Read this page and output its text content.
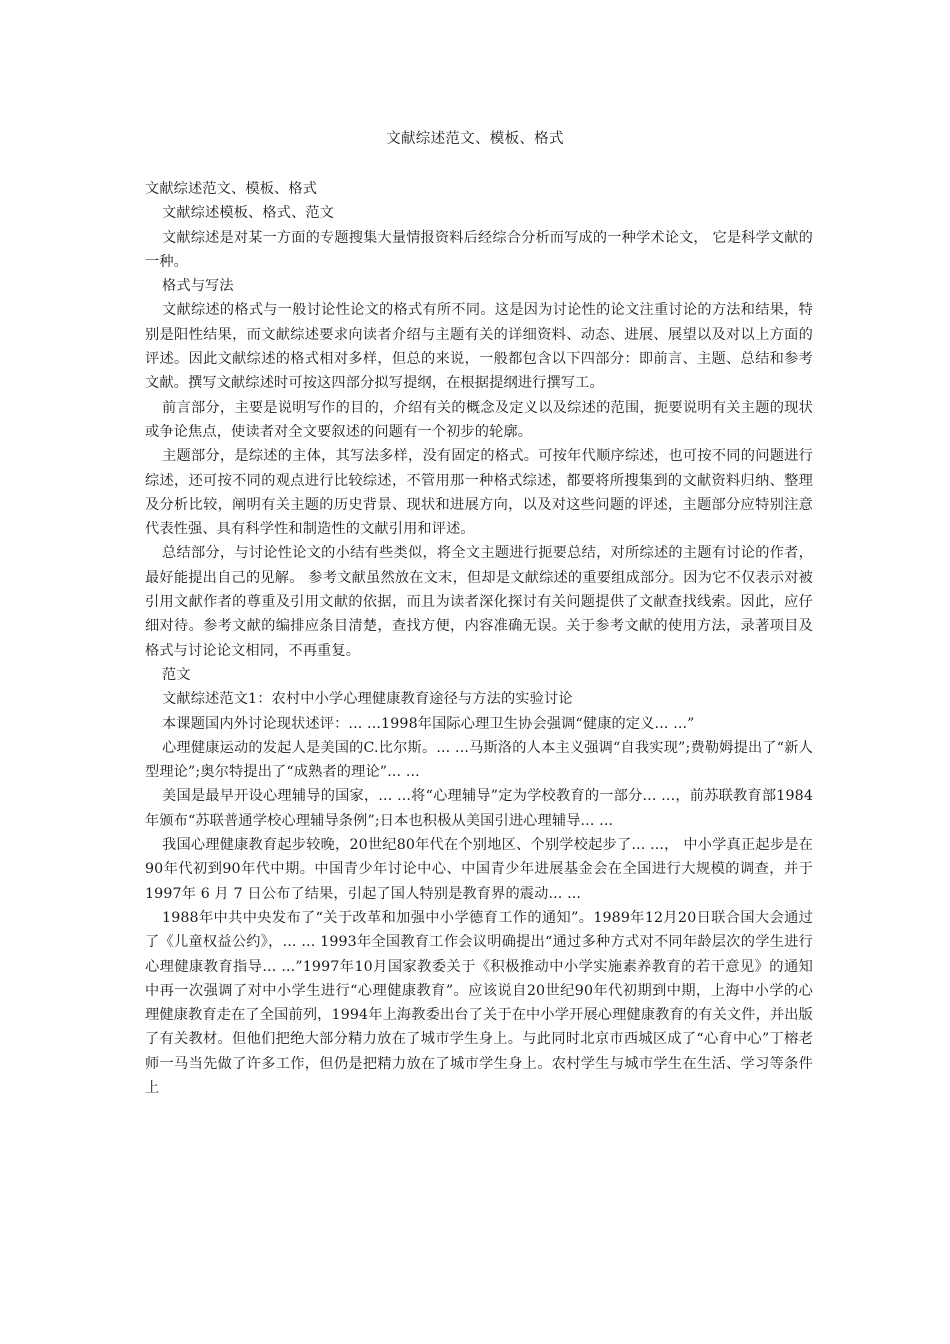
文献综述范文、模板、格式

文献综述范文、模板、格式

文献综述模板、格式、范文

文献综述是对某一方面的专题搜集大量情报资料后经综合分析而写成的一种学术论文， 它是科学文献的一种。

格式与写法

文献综述的格式与一般讨论性论文的格式有所不同。这是因为讨论性的论文注重讨论的方法和结果，特别是阳性结果，而文献综述要求向读者介绍与主题有关的详细资料、动态、进展、展望以及对以上方面的评述。因此文献综述的格式相对多样，但总的来说，一般都包含以下四部分：即前言、主题、总结和参考文献。撰写文献综述时可按这四部分拟写提纲，在根据提纲进行撰写工。

前言部分，主要是说明写作的目的，介绍有关的概念及定义以及综述的范围，扼要说明有关主题的现状或争论焦点，使读者对全文要叙述的问题有一个初步的轮廓。

主题部分，是综述的主体，其写法多样，没有固定的格式。可按年代顺序综述，也可按不同的问题进行综述，还可按不同的观点进行比较综述，不管用那一种格式综述，都要将所搜集到的文献资料归纳、整理及分析比较，阐明有关主题的历史背景、现状和进展方向，以及对这些问题的评述，主题部分应特别注意代表性强、具有科学性和制造性的文献引用和评述。

总结部分，与讨论性论文的小结有些类似，将全文主题进行扼要总结，对所综述的主题有讨论的作者，最好能提出自己的见解。 参考文献虽然放在文末，但却是文献综述的重要组成部分。因为它不仅表示对被引用文献作者的尊重及引用文献的依据，而且为读者深化探讨有关问题提供了文献查找线索。因此，应仔细对待。参考文献的编排应条目清楚，查找方便，内容准确无误。关于参考文献的使用方法，录著项目及格式与讨论论文相同，不再重复。

范文

文献综述范文1：农村中小学心理健康教育途径与方法的实验讨论

本课题国内外讨论现状述评：... ...1998年国际心理卫生协会强调“健康的定义... ...”

心理健康运动的发起人是美国的C.比尔斯。... ...马斯洛的人本主义强调“自我实现”;费勒姆提出了“新人型理论”;奥尔特提出了“成熟者的理论”... ...

美国是最早开设心理辅导的国家，... ...将“心理辅导”定为学校教育的一部分... ...，前苏联教育部1984年颁布“苏联普通学校心理辅导条例”;日本也积极从美国引进心理辅导... ...

我国心理健康教育起步较晚，20世纪80年代在个别地区、个别学校起步了... ...， 中小学真正起步是在90年代初到90年代中期。中国青少年讨论中心、中国青少年进展基金会在全国进行大规模的调查，并于1997年 6 月 7 日公布了结果，引起了国人特别是教育界的震动... ...

1988年中共中央发布了“关于改革和加强中小学德育工作的通知”。1989年12月20日联合国大会通过了《儿童权益公约》，... ... 1993年全国教育工作会议明确提出“通过多种方式对不同年龄层次的学生进行心理健康教育指导... ...”1997年10月国家教委关于《积极推动中小学实施素养教育的若干意见》的通知中再一次强调了对中小学生进行“心理健康教育”。应该说自20世纪90年代初期到中期，上海中小学的心理健康教育走在了全国前列，1994年上海教委出台了关于在中小学开展心理健康教育的有关文件，并出版了有关教材。但他们把绝大部分精力放在了城市学生身上。与此同时北京市西城区成了“心育中心”丁榕老师一马当先做了许多工作，但仍是把精力放在了城市学生身上。农村学生与城市学生在生活、学习等条件上
